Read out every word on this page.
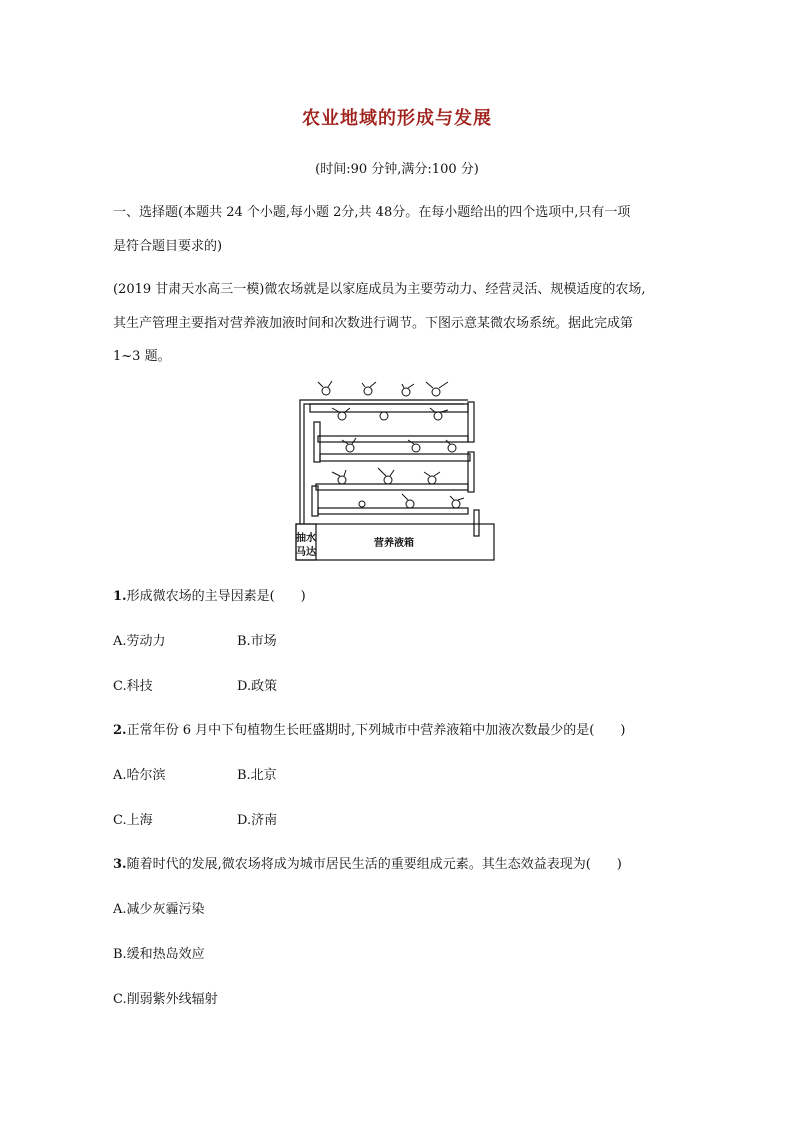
农业地域的形成与发展
(时间:90 分钟,满分:100 分)
一、选择题(本题共 24 个小题,每小题 2分,共 48分。在每小题给出的四个选项中,只有一项
是符合题目要求的)
(2019 甘肃天水高三一模)微农场就是以家庭成员为主要劳动力、经营灵活、规模适度的农场,
其生产管理主要指对营养液加液时间和次数进行调节。下图示意某微农场系统。据此完成第
1~3 题。
抽水
马达
营养液箱
1.形成微农场的主导因素是(　　)
A.劳动力	B.市场
C.科技	D.政策
2.正常年份 6 月中下旬植物生长旺盛期时,下列城市中营养液箱中加液次数最少的是(　　)
A.哈尔滨	B.北京
C.上海	D.济南
3.随着时代的发展,微农场将成为城市居民生活的重要组成元素。其生态效益表现为(　　)
A.减少灰霾污染
B.缓和热岛效应
C.削弱紫外线辐射
